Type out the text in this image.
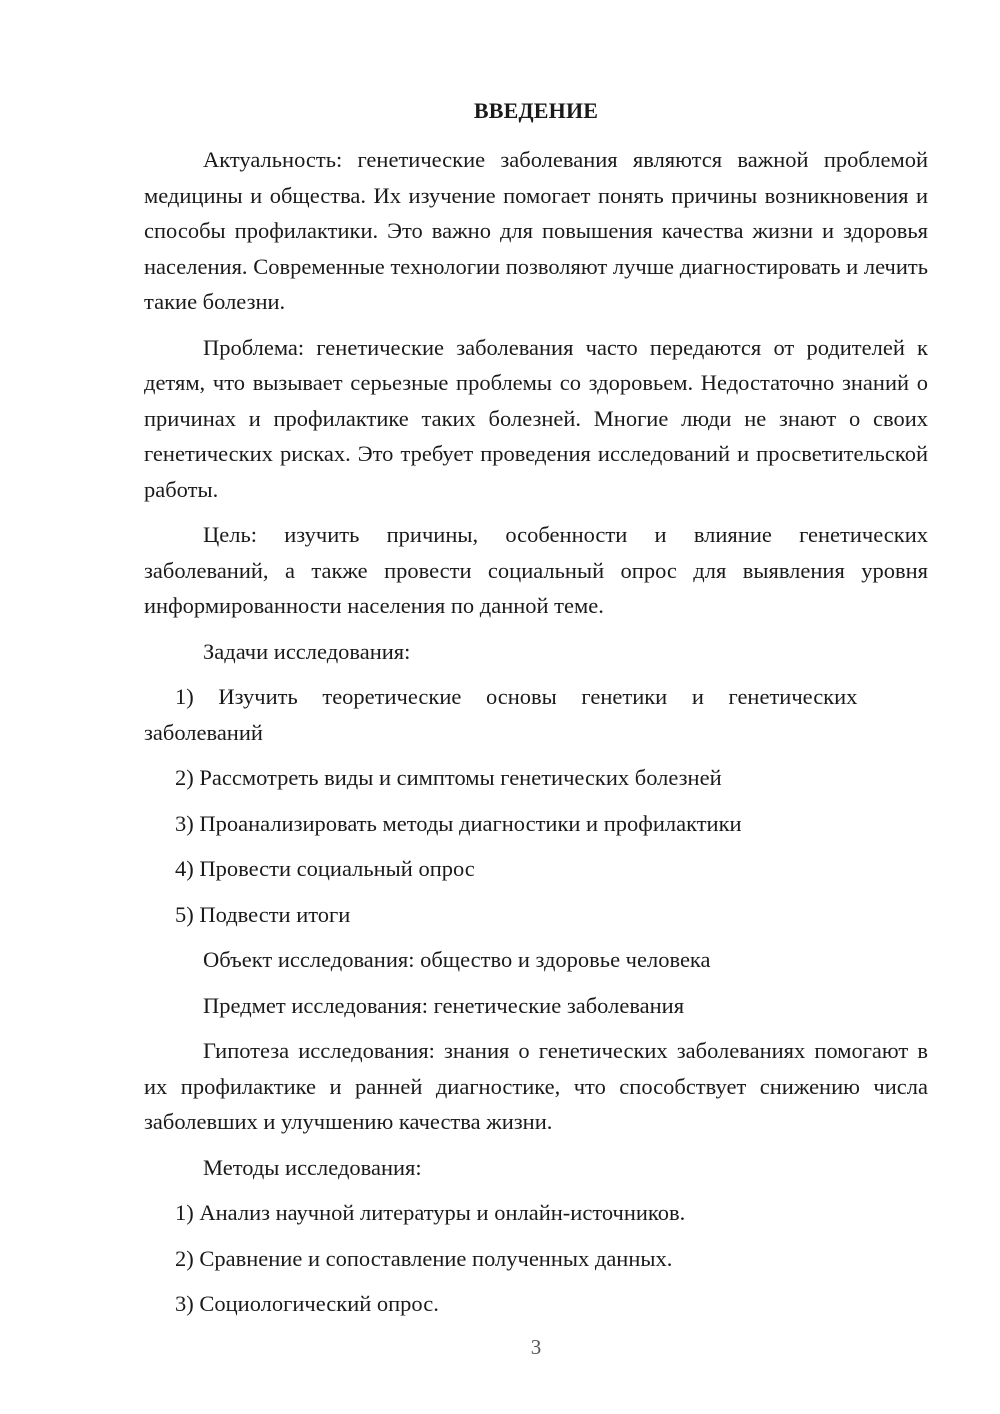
ВВЕДЕНИЕ

Актуальность: генетические заболевания являются важной проблемой медицины и общества. Их изучение помогает понять причины возникновения и способы профилактики. Это важно для повышения качества жизни и здоровья населения. Современные технологии позволяют лучше диагностировать и лечить такие болезни.

Проблема: генетические заболевания часто передаются от родителей к детям, что вызывает серьезные проблемы со здоровьем. Недостаточно знаний о причинах и профилактике таких болезней. Многие люди не знают о своих генетических рисках. Это требует проведения исследований и просветительской работы.

Цель: изучить причины, особенности и влияние генетических заболеваний, а также провести социальный опрос для выявления уровня информированности населения по данной теме.

Задачи исследования:

1) Изучить теоретические основы генетики и генетических
заболеваний

2) Рассмотреть виды и симптомы генетических болезней

3) Проанализировать методы диагностики и профилактики

4) Провести социальный опрос

5) Подвести итоги

Объект исследования: общество и здоровье человека

Предмет исследования: генетические заболевания

Гипотеза исследования: знания о генетических заболеваниях помогают в их профилактике и ранней диагностике, что способствует снижению числа заболевших и улучшению качества жизни.

Методы исследования:

1) Анализ научной литературы и онлайн-источников.

2) Сравнение и сопоставление полученных данных.

3) Социологический опрос.

3
